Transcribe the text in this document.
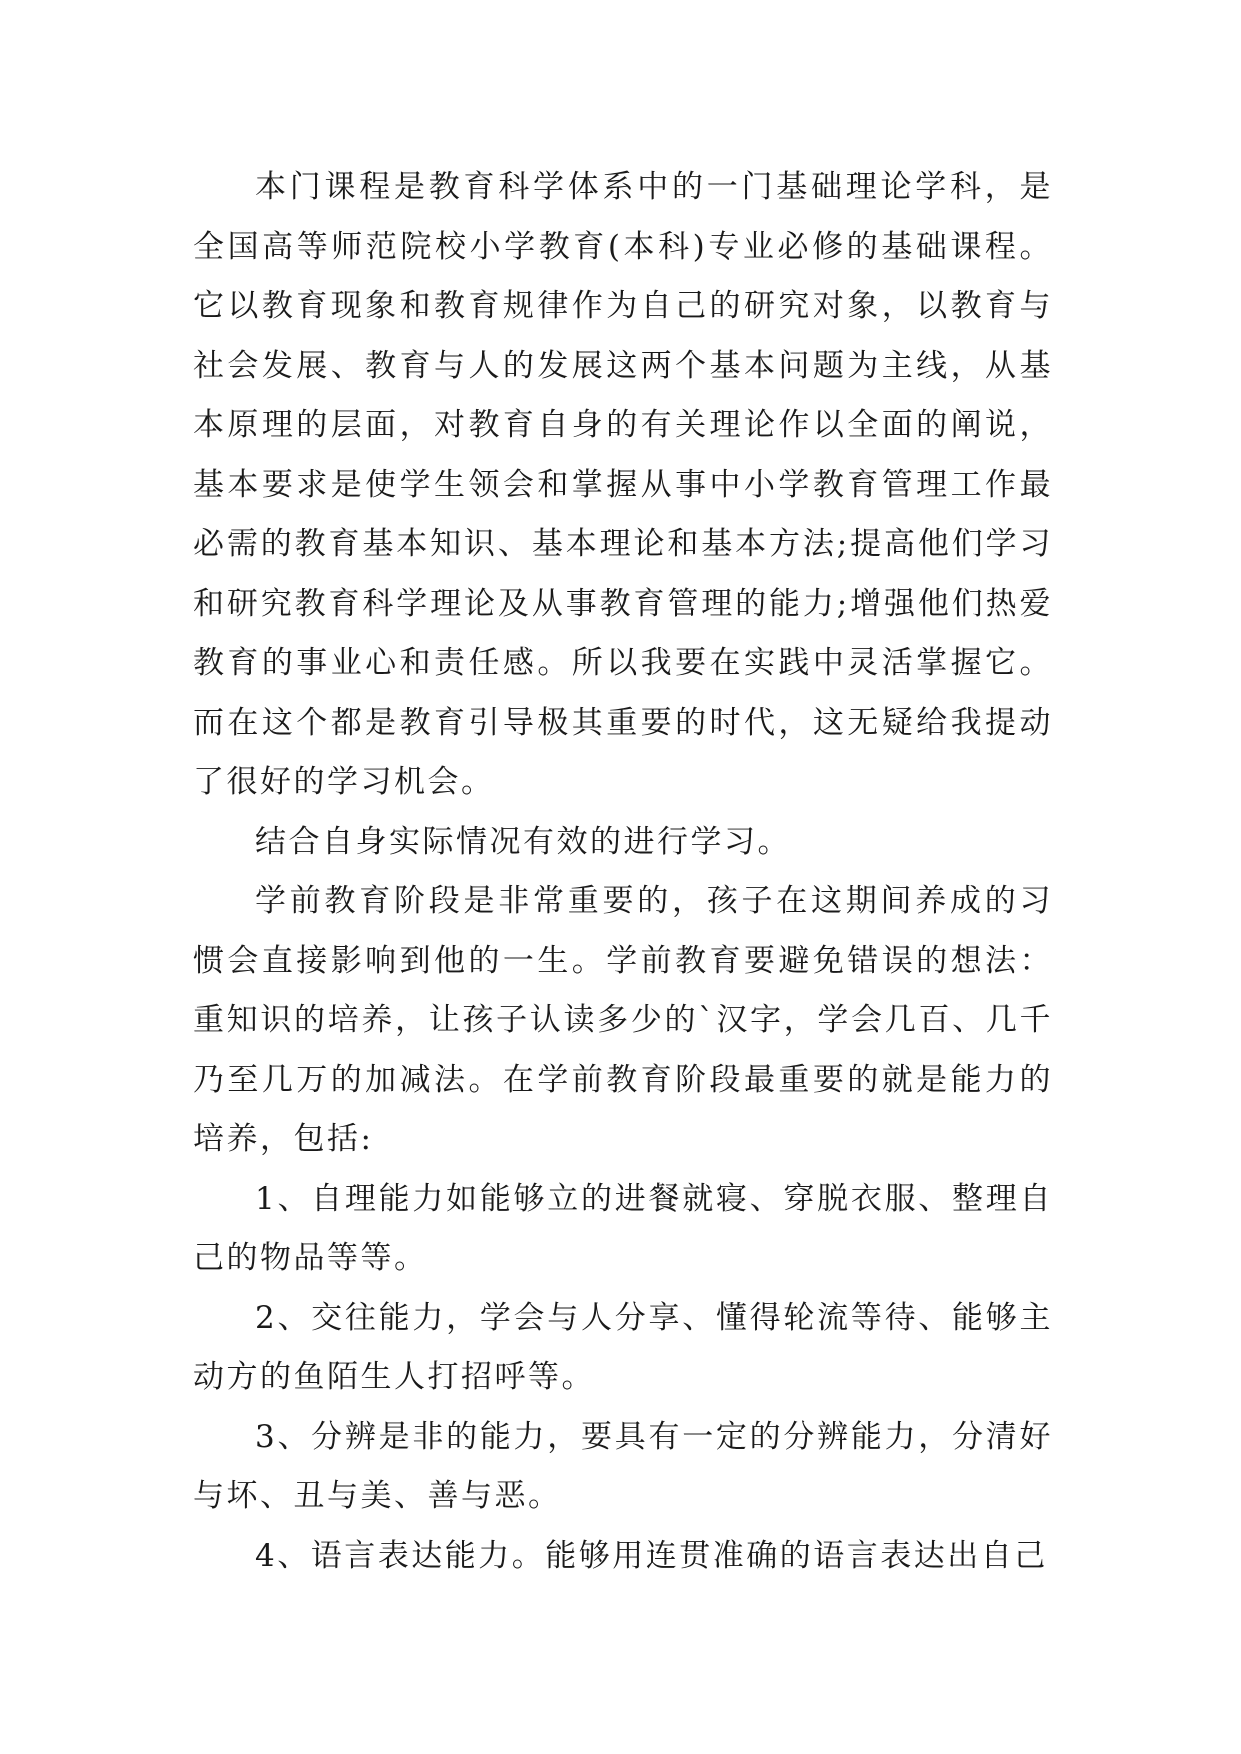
本门课程是教育科学体系中的一门基础理论学科，是全国高等师范院校小学教育(本科)专业必修的基础课程。它以教育现象和教育规律作为自己的研究对象，以教育与社会发展、教育与人的发展这两个基本问题为主线，从基本原理的层面，对教育自身的有关理论作以全面的阐说，基本要求是使学生领会和掌握从事中小学教育管理工作最必需的教育基本知识、基本理论和基本方法;提高他们学习和研究教育科学理论及从事教育管理的能力;增强他们热爱教育的事业心和责任感。所以我要在实践中灵活掌握它。而在这个都是教育引导极其重要的时代，这无疑给我提动了很好的学习机会。

结合自身实际情况有效的进行学习。

学前教育阶段是非常重要的，孩子在这期间养成的习惯会直接影响到他的一生。学前教育要避免错误的想法：重知识的培养，让孩子认读多少的`汉字，学会几百、几千乃至几万的加减法。在学前教育阶段最重要的就是能力的培养，包括:

1、自理能力如能够立的进餐就寝、穿脱衣服、整理自己的物品等等。

2、交往能力，学会与人分享、懂得轮流等待、能够主动方的鱼陌生人打招呼等。

3、分辨是非的能力，要具有一定的分辨能力，分清好与坏、丑与美、善与恶。

4、语言表达能力。能够用连贯准确的语言表达出自己
